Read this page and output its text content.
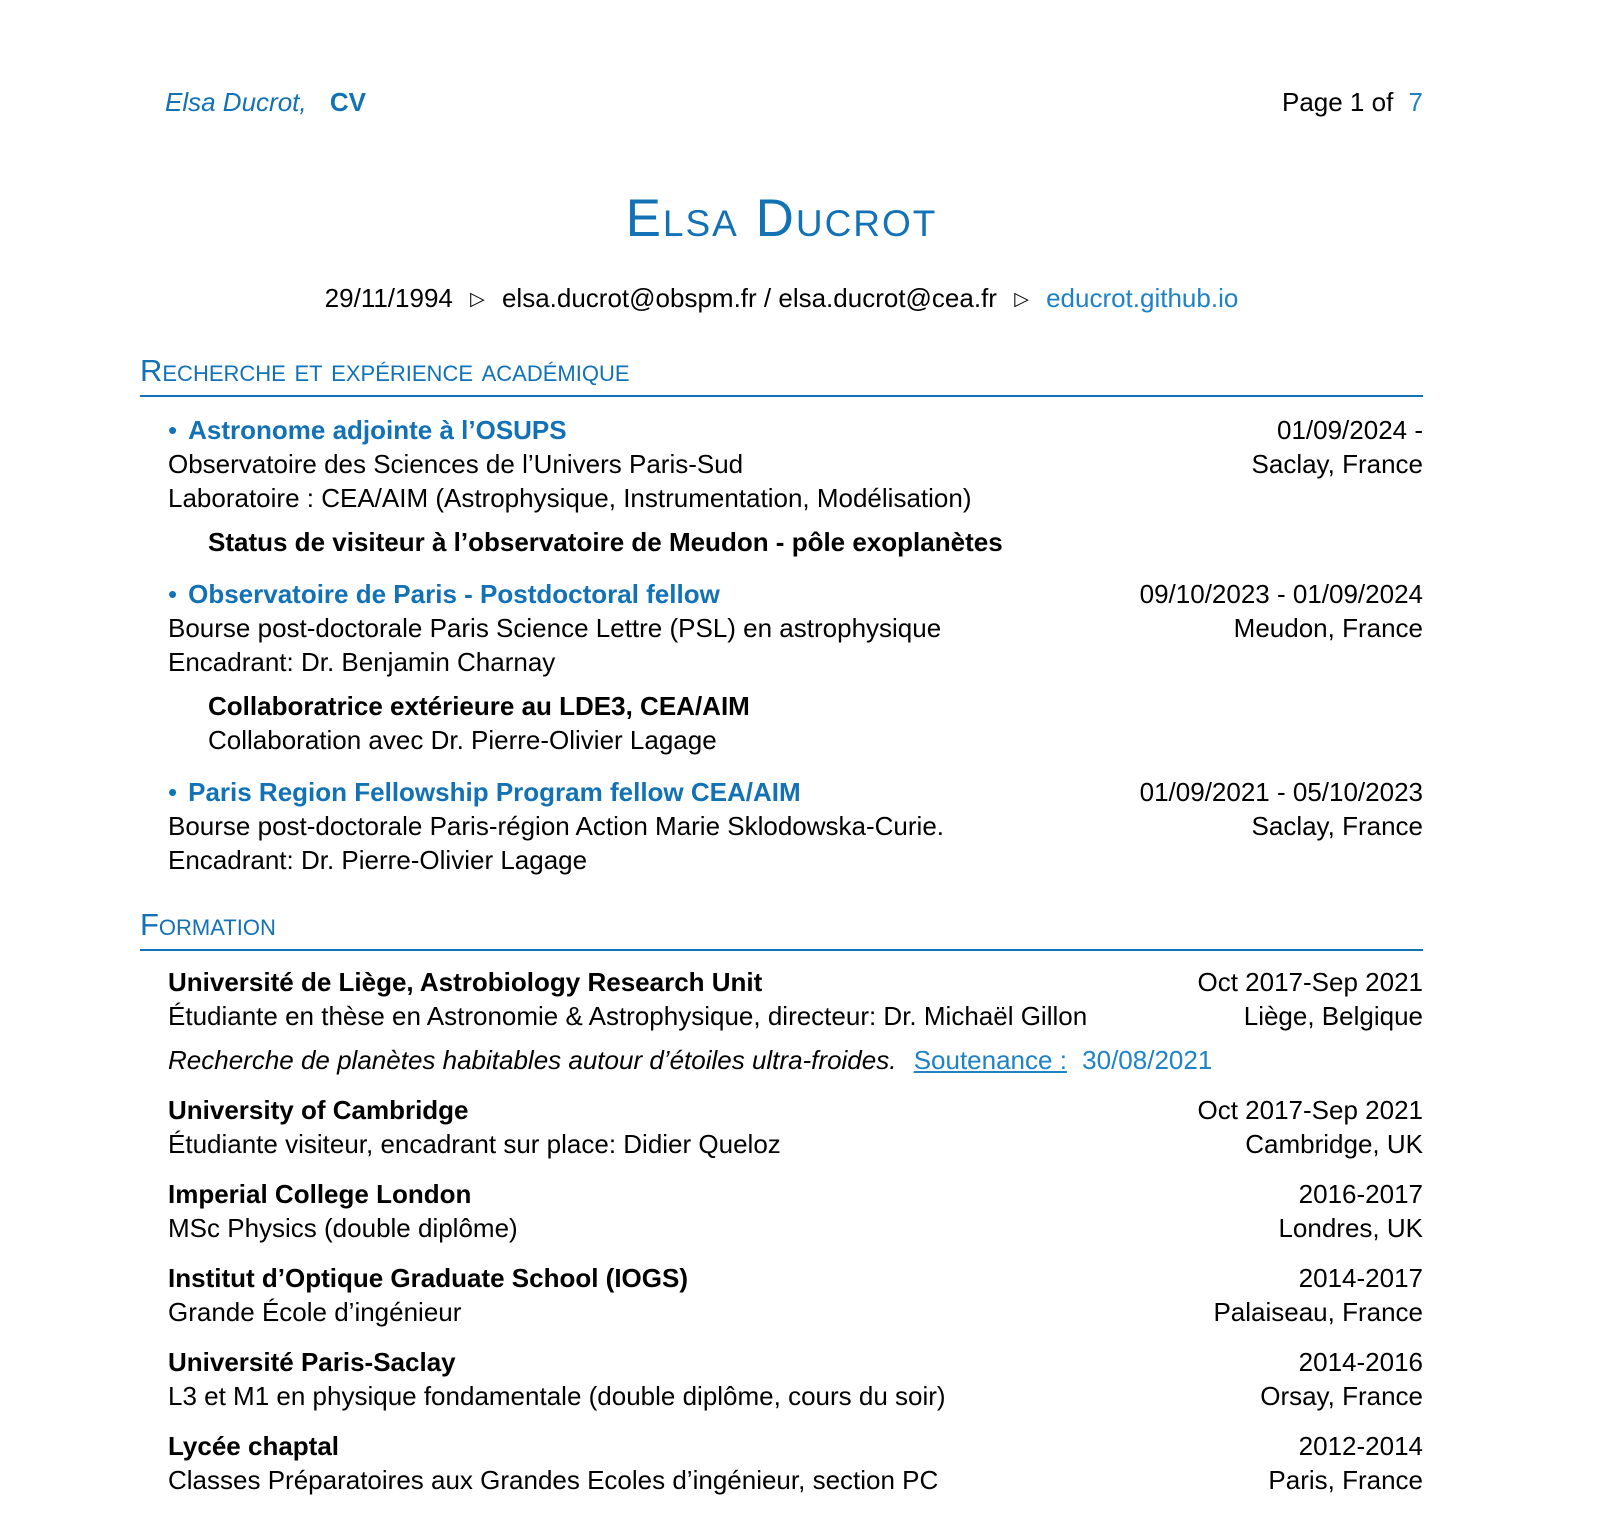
Elsa Ducrot, CV	Page 1 of 7
Elsa Ducrot
29/11/1994 ▷ elsa.ducrot@obspm.fr / elsa.ducrot@cea.fr ▷ educrot.github.io
Recherche et expérience académique
• Astronome adjointe à l’OSUPS	01/09/2024 -
Observatoire des Sciences de l’Univers Paris-Sud	Saclay, France
Laboratoire : CEA/AIM (Astrophysique, Instrumentation, Modélisation)
Status de visiteur à l’observatoire de Meudon - pôle exoplanètes
• Observatoire de Paris - Postdoctoral fellow	09/10/2023 - 01/09/2024
Bourse post-doctorale Paris Science Lettre (PSL) en astrophysique	Meudon, France
Encadrant: Dr. Benjamin Charnay
Collaboratrice extérieure au LDE3, CEA/AIM
Collaboration avec Dr. Pierre-Olivier Lagage
• Paris Region Fellowship Program fellow CEA/AIM	01/09/2021 - 05/10/2023
Bourse post-doctorale Paris-région Action Marie Sklodowska-Curie.	Saclay, France
Encadrant: Dr. Pierre-Olivier Lagage
Formation
Université de Liège, Astrobiology Research Unit	Oct 2017-Sep 2021
Étudiante en thèse en Astronomie & Astrophysique, directeur: Dr. Michaël Gillon	Liège, Belgique
Recherche de planètes habitables autour d’étoiles ultra-froides. Soutenance : 30/08/2021
University of Cambridge	Oct 2017-Sep 2021
Étudiante visiteur, encadrant sur place: Didier Queloz	Cambridge, UK
Imperial College London	2016-2017
MSc Physics (double diplôme)	Londres, UK
Institut d’Optique Graduate School (IOGS)	2014-2017
Grande École d’ingénieur	Palaiseau, France
Université Paris-Saclay	2014-2016
L3 et M1 en physique fondamentale (double diplôme, cours du soir)	Orsay, France
Lycée chaptal	2012-2014
Classes Préparatoires aux Grandes Ecoles d’ingénieur, section PC	Paris, France
